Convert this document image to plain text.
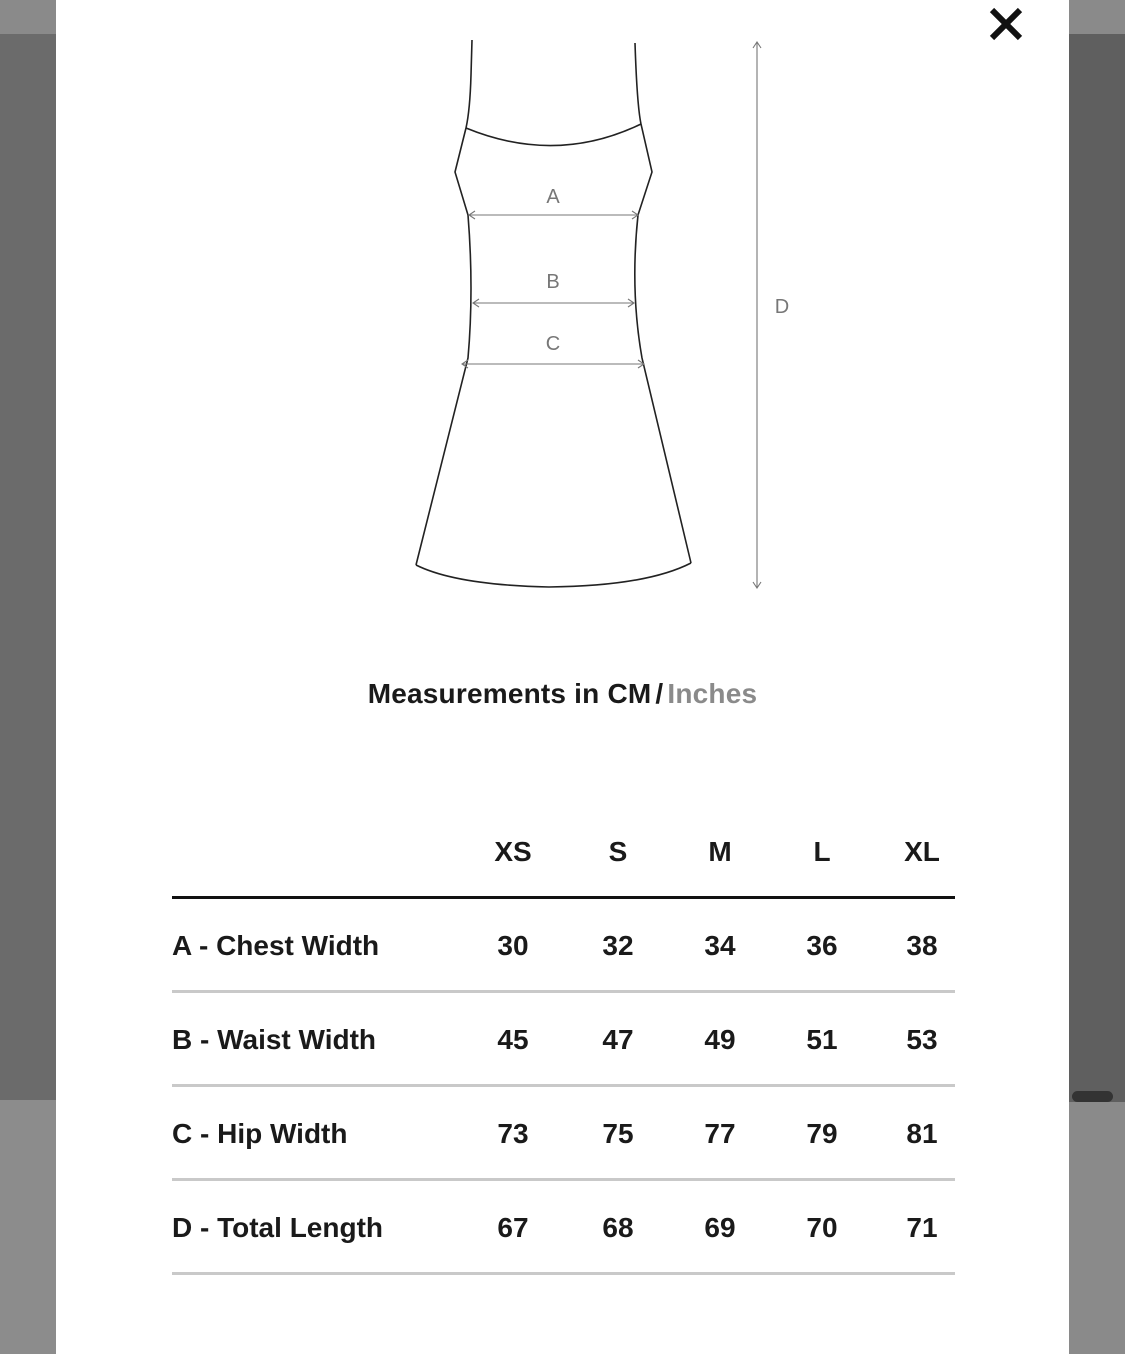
A
B
C
D
Measurements in CM / Inches
XS	S	M	L	XL
A - Chest Width	30	32	34	36	38
B - Waist Width	45	47	49	51	53
C - Hip Width	73	75	77	79	81
D - Total Length	67	68	69	70	71
